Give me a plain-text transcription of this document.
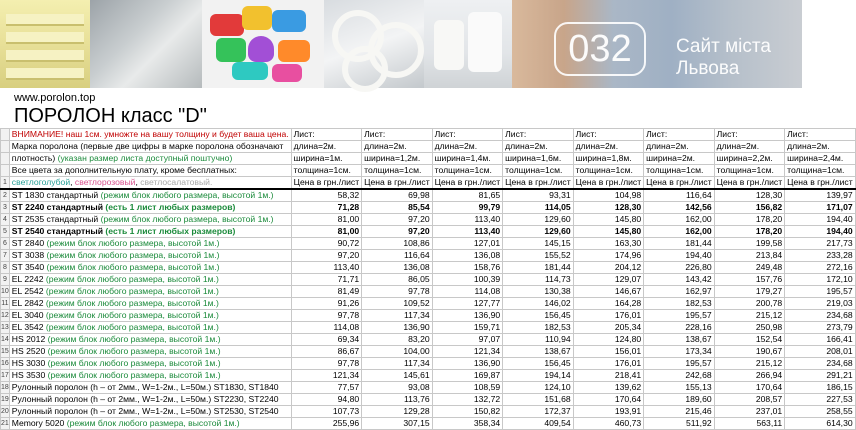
032	Сайт міста
Львова
www.porolon.top
ПОРОЛОН класс "D"
	ВНИМАНИЕ! наш 1см. умножте на вашу толщину и будет ваша цена.	Лист:	Лист:	Лист:	Лист:	Лист:	Лист:	Лист:	Лист:
	Марка поролона (первые две цифры в марке поролона обозначают	длина=2м.	длина=2м.	длина=2м.	длина=2м.	длина=2м.	длина=2м.	длина=2м.	длина=2м.
	плотность) (указан размер листа доступный поштучно)	ширина=1м.	ширина=1,2м.	ширина=1,4м.	ширина=1,6м.	ширина=1,8м.	ширина=2м.	ширина=2,2м.	ширина=2,4м.
	Все цвета за дополнительную плату, кроме бесплатных:	толщина=1см.	толщина=1см.	толщина=1см.	толщина=1см.	толщина=1см.	толщина=1см.	толщина=1см.	толщина=1см.
1	светлоголубой, светлорозовый, светлосалатовый.	Цена в грн./лист	Цена в грн./лист	Цена в грн./лист	Цена в грн./лист	Цена в грн./лист	Цена в грн./лист	Цена в грн./лист	Цена в грн./лист
2	ST 1830 стандартный (режим блок любого размера, высотой 1м.)	58,32	69,98	81,65	93,31	104,98	116,64	128,30	139,97
3	ST 2240 стандартный (есть 1 лист любых размеров)	71,28	85,54	99,79	114,05	128,30	142,56	156,82	171,07
4	ST 2535 стандартный (режим блок любого размера, высотой 1м.)	81,00	97,20	113,40	129,60	145,80	162,00	178,20	194,40
5	ST 2540 стандартный (есть 1 лист любых размеров)	81,00	97,20	113,40	129,60	145,80	162,00	178,20	194,40
6	ST 2840 (режим блок любого размера, высотой 1м.)	90,72	108,86	127,01	145,15	163,30	181,44	199,58	217,73
7	ST 3038 (режим блок любого размера, высотой 1м.)	97,20	116,64	136,08	155,52	174,96	194,40	213,84	233,28
8	ST 3540 (режим блок любого размера, высотой 1м.)	113,40	136,08	158,76	181,44	204,12	226,80	249,48	272,16
9	EL 2242 (режим блок любого размера, высотой 1м.)	71,71	86,05	100,39	114,73	129,07	143,42	157,76	172,10
10	EL 2542 (режим блок любого размера, высотой 1м.)	81,49	97,78	114,08	130,38	146,67	162,97	179,27	195,57
11	EL 2842 (режим блок любого размера, высотой 1м.)	91,26	109,52	127,77	146,02	164,28	182,53	200,78	219,03
12	EL 3040 (режим блок любого размера, высотой 1м.)	97,78	117,34	136,90	156,45	176,01	195,57	215,12	234,68
13	EL 3542 (режим блок любого размера, высотой 1м.)	114,08	136,90	159,71	182,53	205,34	228,16	250,98	273,79
14	HS 2012 (режим блок любого размера, высотой 1м.)	69,34	83,20	97,07	110,94	124,80	138,67	152,54	166,41
15	HS 2520 (режим блок любого размера, высотой 1м.)	86,67	104,00	121,34	138,67	156,01	173,34	190,67	208,01
16	HS 3030 (режим блок любого размера, высотой 1м.)	97,78	117,34	136,90	156,45	176,01	195,57	215,12	234,68
17	HS 3530 (режим блок любого размера, высотой 1м.)	121,34	145,61	169,87	194,14	218,41	242,68	266,94	291,21
18	Рулонный поролон (h – от 2мм., W=1-2м., L=50м.) ST1830, ST1840	77,57	93,08	108,59	124,10	139,62	155,13	170,64	186,15
19	Рулонный поролон (h – от 2мм., W=1-2м., L=50м.) ST2230, ST2240	94,80	113,76	132,72	151,68	170,64	189,60	208,57	227,53
20	Рулонный поролон (h – от 2мм., W=1-2м., L=50м.) ST2530, ST2540	107,73	129,28	150,82	172,37	193,91	215,46	237,01	258,55
21	Memory 5020 (режим блок любого размера, высотой 1м.)	255,96	307,15	358,34	409,54	460,73	511,92	563,11	614,30
